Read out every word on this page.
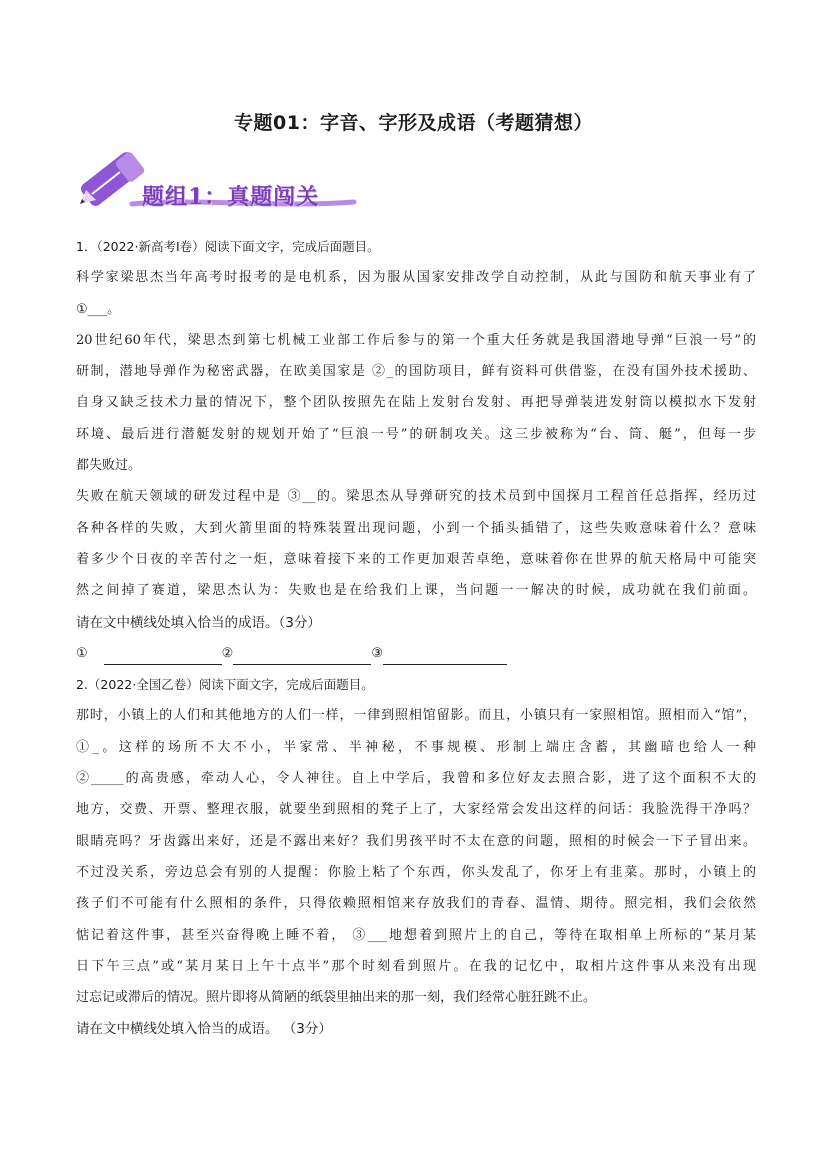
专题01：字音、字形及成语（考题猜想）
题组1：真题闯关
1．（2022·新高考Ⅰ卷）阅读下面文字，完成后面题目。
科学家梁思杰当年高考时报考的是电机系，因为服从国家安排改学自动控制，从此与国防和航天事业有了
①___。
20世纪60年代，梁思杰到第七机械工业部工作后参与的第一个重大任务就是我国潜地导弹“巨浪一号”的
研制，潜地导弹作为秘密武器，在欧美国家是 ②_的国防项目，鲜有资料可供借鉴，在没有国外技术援助、
自身又缺乏技术力量的情况下，整个团队按照先在陆上发射台发射、再把导弹装进发射筒以模拟水下发射
环境、最后进行潜艇发射的规划开始了“巨浪一号”的研制攻关。这三步被称为“台、筒、艇”，但每一步
都失败过。
失败在航天领域的研发过程中是 ③__的。梁思杰从导弹研究的技术员到中国探月工程首任总指挥，经历过
各种各样的失败，大到火箭里面的特殊装置出现问题，小到一个插头插错了，这些失败意味着什么？意味
着多少个日夜的辛苦付之一炬，意味着接下来的工作更加艰苦卓绝，意味着你在世界的航天格局中可能突
然之间掉了赛道，梁思杰认为：失败也是在给我们上课，当问题一一解决的时候，成功就在我们前面。
请在文中横线处填入恰当的成语。（3分）
①	②	③
2.（2022·全国乙卷）阅读下面文字，完成后面题目。
那时，小镇上的人们和其他地方的人们一样，一律到照相馆留影。而且，小镇只有一家照相馆。照相而入“馆”，
①_。这样的场所不大不小，半家常、半神秘，不事规模、形制上端庄含蓄，其幽暗也给人一种
②_____的高贵感，牵动人心，令人神往。自上中学后，我曾和多位好友去照合影，进了这个面积不大的
地方，交费、开票、整理衣服，就要坐到照相的凳子上了，大家经常会发出这样的问话：我脸洗得干净吗？
眼睛亮吗？牙齿露出来好，还是不露出来好？我们男孩平时不太在意的问题，照相的时候会一下子冒出来。
不过没关系，旁边总会有别的人提醒：你脸上粘了个东西，你头发乱了，你牙上有韭菜。那时，小镇上的
孩子们不可能有什么照相的条件，只得依赖照相馆来存放我们的青春、温情、期待。照完相，我们会依然
惦记着这件事，甚至兴奋得晚上睡不着， ③___地想着到照片上的自己，等待在取相单上所标的“某月某
日下午三点”或“某月某日上午十点半”那个时刻看到照片。在我的记忆中，取相片这件事从来没有出现
过忘记或滞后的情况。照片即将从简陋的纸袋里抽出来的那一刻，我们经常心脏狂跳不止。
请在文中横线处填入恰当的成语。 （3分）
